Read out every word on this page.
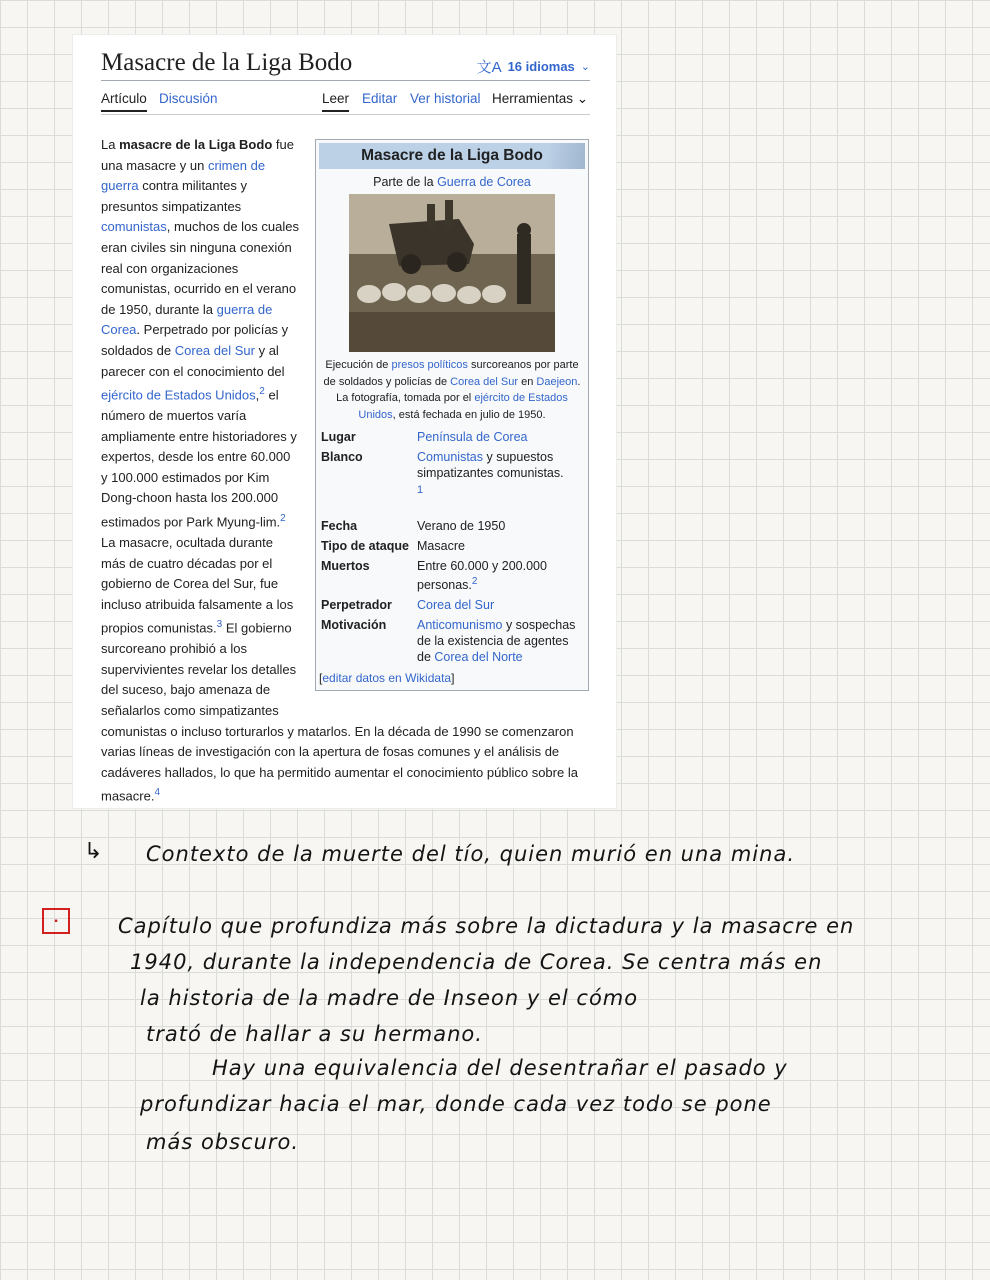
Masacre de la Liga Bodo	文A 16 idiomas ⌄
Artículo Discusión	Leer Editar Ver historial Herramientas ⌄
Masacre de la Liga Bodo
Parte de la Guerra de Corea
Ejecución de presos políticos surcoreanos por parte de soldados y policías de Corea del Sur en Daejeon. La fotografía, tomada por el ejército de Estados Unidos, está fechada en julio de 1950.
Lugar	Península de Corea
Blanco	Comunistas y supuestos simpatizantes comunistas.
1

Fecha	Verano de 1950
Tipo de ataque	Masacre
Muertos	Entre 60.000 y 200.000 personas.$^2$
Perpetrador	Corea del Sur
Motivación	Anticomunismo y sospechas de la existencia de agentes de Corea del Norte
[editar datos en Wikidata]
La masacre de la Liga Bodo fue una masacre y un crimen de guerra contra militantes y presuntos simpatizantes comunistas, muchos de los cuales eran civiles sin ninguna conexión real con organizaciones comunistas, ocurrido en el verano de 1950, durante la guerra de Corea. Perpetrado por policías y soldados de Corea del Sur y al parecer con el conocimiento del ejército de Estados Unidos,$^2$ el número de muertos varía ampliamente entre historiadores y expertos, desde los entre 60.000 y 100.000 estimados por Kim Dong-choon hasta los 200.000 estimados por Park Myung-lim.$^2$ La masacre, ocultada durante más de cuatro décadas por el gobierno de Corea del Sur, fue incluso atribuida falsamente a los propios comunistas.$^3$ El gobierno surcoreano prohibió a los supervivientes revelar los detalles del suceso, bajo amenaza de señalarlos como simpatizantes comunistas o incluso torturarlos y matarlos. En la década de 1990 se comenzaron varias líneas de investigación con la apertura de fosas comunes y el análisis de cadáveres hallados, lo que ha permitido aumentar el conocimiento público sobre la masacre.$^4$
↳ Contexto de la muerte del tío, quien murió en una mina.
▪	Capítulo que profundiza más sobre la dictadura y la masacre en
1940, durante la independencia de Corea. Se centra más en
la historia de la madre de Inseon y el cómo
trató de hallar a su hermano.
Hay una equivalencia del desentrañar el pasado y
profundizar hacia el mar, donde cada vez todo se pone
más obscuro.
